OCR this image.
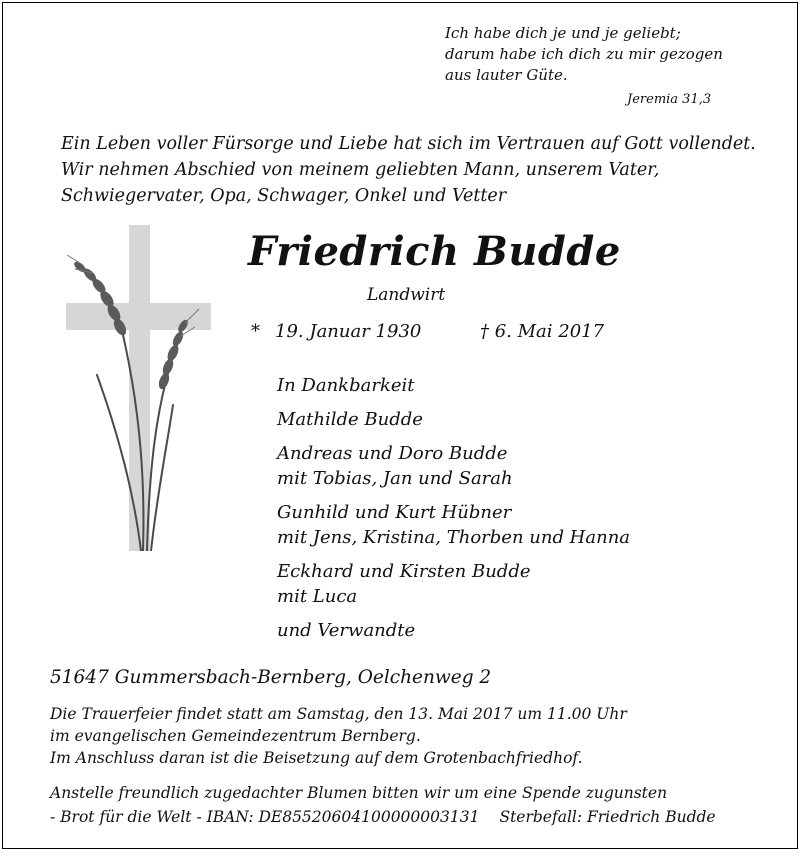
Ich habe dich je und je geliebt;
darum habe ich dich zu mir gezogen
aus lauter Güte.
Jeremia 31,3
Ein Leben voller Fürsorge und Liebe hat sich im Vertrauen auf Gott vollendet.
Wir nehmen Abschied von meinem geliebten Mann, unserem Vater,
Schwiegervater, Opa, Schwager, Onkel und Vetter
Friedrich Budde
Landwirt
* 19. Januar 1930	† 6. Mai 2017
In Dankbarkeit
Mathilde Budde
Andreas und Doro Budde
mit Tobias, Jan und Sarah
Gunhild und Kurt Hübner
mit Jens, Kristina, Thorben und Hanna
Eckhard und Kirsten Budde
mit Luca
und Verwandte
51647 Gummersbach-Bernberg, Oelchenweg 2
Die Trauerfeier findet statt am Samstag, den 13. Mai 2017 um 11.00 Uhr
im evangelischen Gemeindezentrum Bernberg.
Im Anschluss daran ist die Beisetzung auf dem Grotenbachfriedhof.
Anstelle freundlich zugedachter Blumen bitten wir um eine Spende zugunsten
- Brot für die Welt - IBAN: DE85520604100000003131 Sterbefall: Friedrich Budde
